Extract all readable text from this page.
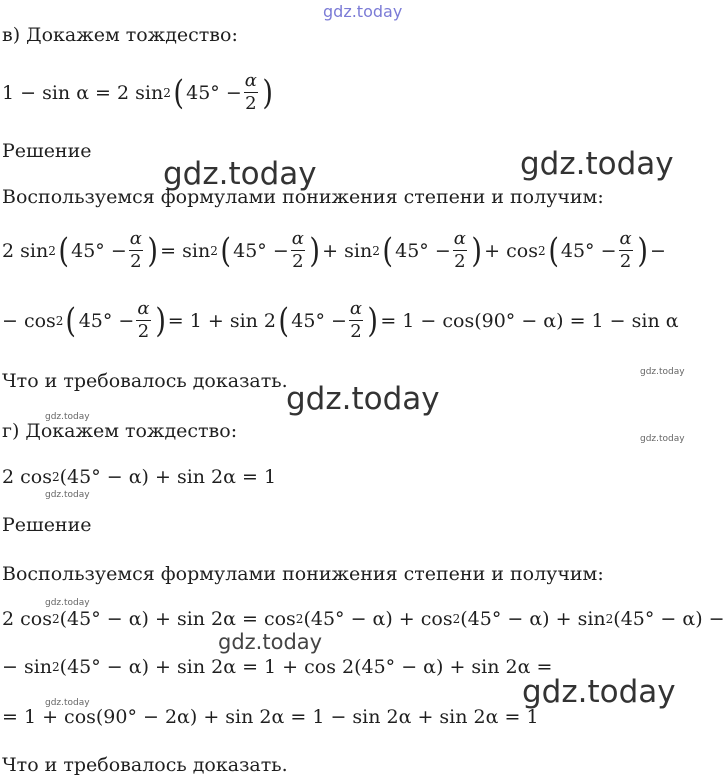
gdz.today
gdz.today	gdz.today
gdz.today
gdz.today
gdz.today
gdz.today
gdz.today
gdz.today
gdz.today
gdz.today
gdz.today
в) Докажем тождество:
1 − sin α = 2 sin 2 ( $45^\circ - \frac{\alpha}{2}$ )
Решение
Воспользуемся формулами понижения степени и получим:
2 sin 2 ( $45^\circ - \frac{\alpha}{2}$ ) = sin 2 ( $45^\circ - \frac{\alpha}{2}$ ) + sin 2 ( $45^\circ - \frac{\alpha}{2}$ ) + cos 2 ( $45^\circ - \frac{\alpha}{2}$ ) −
− cos 2 ( $45^\circ - \frac{\alpha}{2}$ ) = 1 + sin 2 ( $45^\circ - \frac{\alpha}{2}$ ) = 1 − cos(90° − α) = 1 − sin α
Что и требовалось доказать.
г) Докажем тождество:
2 cos 2 (45° − α) + sin 2α = 1
Решение
Воспользуемся формулами понижения степени и получим:
2 cos 2 (45° − α) + sin 2α = cos 2 (45° − α) + cos 2 (45° − α) + sin 2 (45° − α) −
− sin 2 (45° − α) + sin 2α = 1 + cos 2(45° − α) + sin 2α =
= 1 + cos(90° − 2α) + sin 2α = 1 − sin 2α + sin 2α = 1
Что и требовалось доказать.
